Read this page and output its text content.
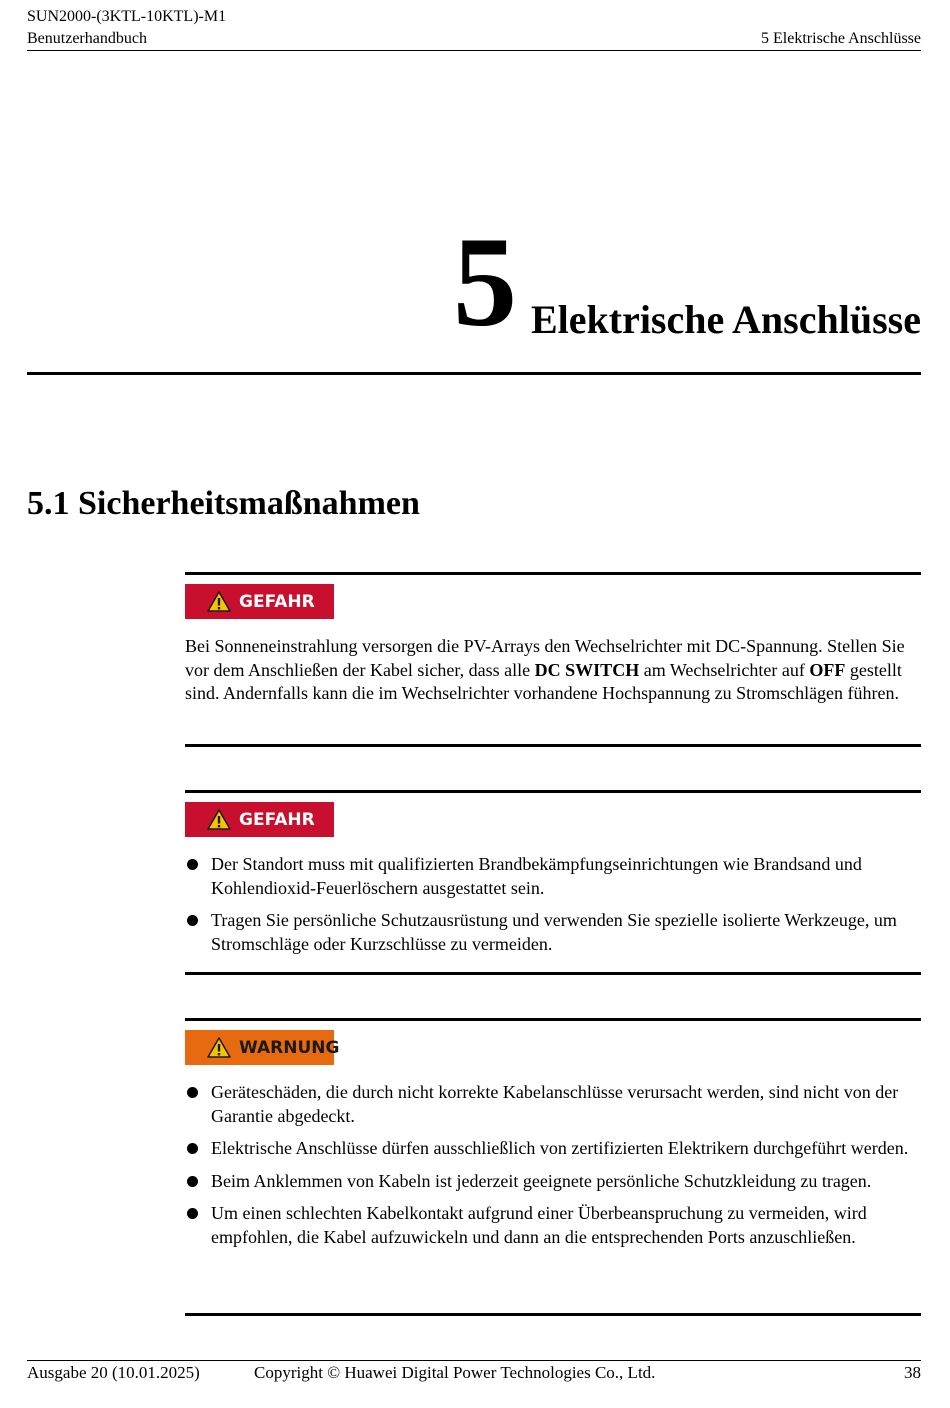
SUN2000-(3KTL-10KTL)-M1
Benutzerhandbuch	5 Elektrische Anschlüsse
5 Elektrische Anschlüsse
5.1 Sicherheitsmaßnahmen
GEFAHR

Bei Sonneneinstrahlung versorgen die PV-Arrays den Wechselrichter mit DC-Spannung. Stellen Sie vor dem Anschließen der Kabel sicher, dass alle DC SWITCH am Wechselrichter auf OFF gestellt sind. Andernfalls kann die im Wechselrichter vorhandene Hochspannung zu Stromschlägen führen.

GEFAHR
Der Standort muss mit qualifizierten Brandbekämpfungseinrichtungen wie Brandsand und Kohlendioxid-Feuerlöschern ausgestattet sein.
Tragen Sie persönliche Schutzausrüstung und verwenden Sie spezielle isolierte Werkzeuge, um Stromschläge oder Kurzschlüsse zu vermeiden.
WARNUNG
Geräteschäden, die durch nicht korrekte Kabelanschlüsse verursacht werden, sind nicht von der Garantie abgedeckt.
Elektrische Anschlüsse dürfen ausschließlich von zertifizierten Elektrikern durchgeführt werden.
Beim Anklemmen von Kabeln ist jederzeit geeignete persönliche Schutzkleidung zu tragen.
Um einen schlechten Kabelkontakt aufgrund einer Überbeanspruchung zu vermeiden, wird empfohlen, die Kabel aufzuwickeln und dann an die entsprechenden Ports anzuschließen.
Ausgabe 20 (10.01.2025)	Copyright © Huawei Digital Power Technologies Co., Ltd.	38
